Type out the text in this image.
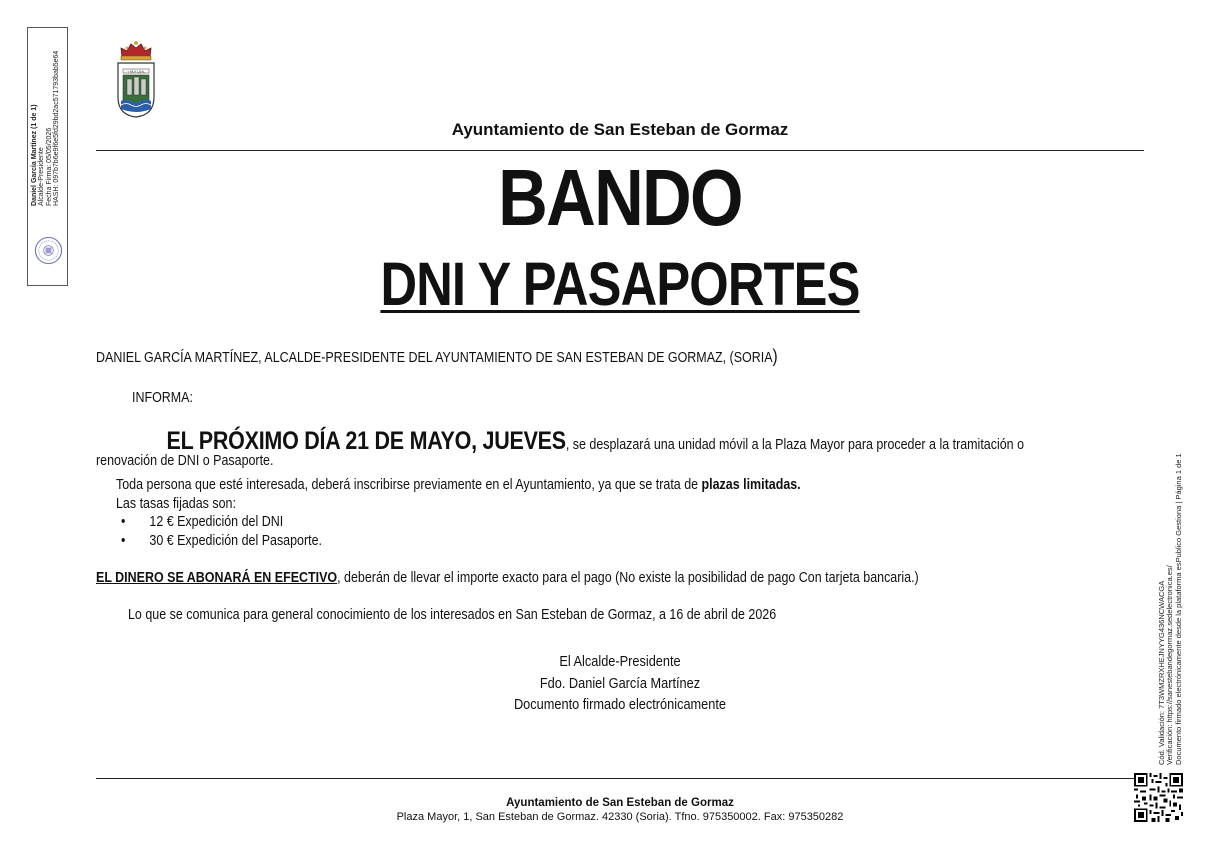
Daniel García Martínez (1 de 1) Alcalde-Presidente Fecha Firma: 05/05/2026 HASH: 097b7b6e9f6e5fd29bd2ac571793bab5e64	Y MUY LEAL
Ayuntamiento de San Esteban de Gormaz
BANDO
DNI Y PASAPORTES
DANIEL GARCÍA MARTÍNEZ, ALCALDE-PRESIDENTE DEL AYUNTAMIENTO DE SAN ESTEBAN DE GORMAZ, (SORIA)
INFORMA:
EL PRÓXIMO DÍA 21 DE MAYO, JUEVES, se desplazará una unidad móvil a la Plaza Mayor para proceder a la tramitación o
renovación de DNI o Pasaporte.
Toda persona que esté interesada, deberá inscribirse previamente en el Ayuntamiento, ya que se trata de plazas limitadas.
Las tasas fijadas son:
• 12 € Expedición del DNI
• 30 € Expedición del Pasaporte.
EL DINERO SE ABONARÁ EN EFECTIVO, deberán de llevar el importe exacto para el pago (No existe la posibilidad de pago Con tarjeta bancaria.)
Lo que se comunica para general conocimiento de los interesados en San Esteban de Gormaz, a 16 de abril de 2026
El Alcalde-Presidente
Fdo. Daniel García Martínez
Documento firmado electrónicamente
Ayuntamiento de San Esteban de Gormaz
Plaza Mayor, 1, San Esteban de Gormaz. 42330 (Soria). Tfno. 975350002. Fax: 975350282
Cód. Validación: 7T3WMZRXHEJNYYG436NCWACGA Verificación: https://sanestebandegormaz.sedelectronica.es/ Documento firmado electrónicamente desde la plataforma esPublico Gestiona | Página 1 de 1
